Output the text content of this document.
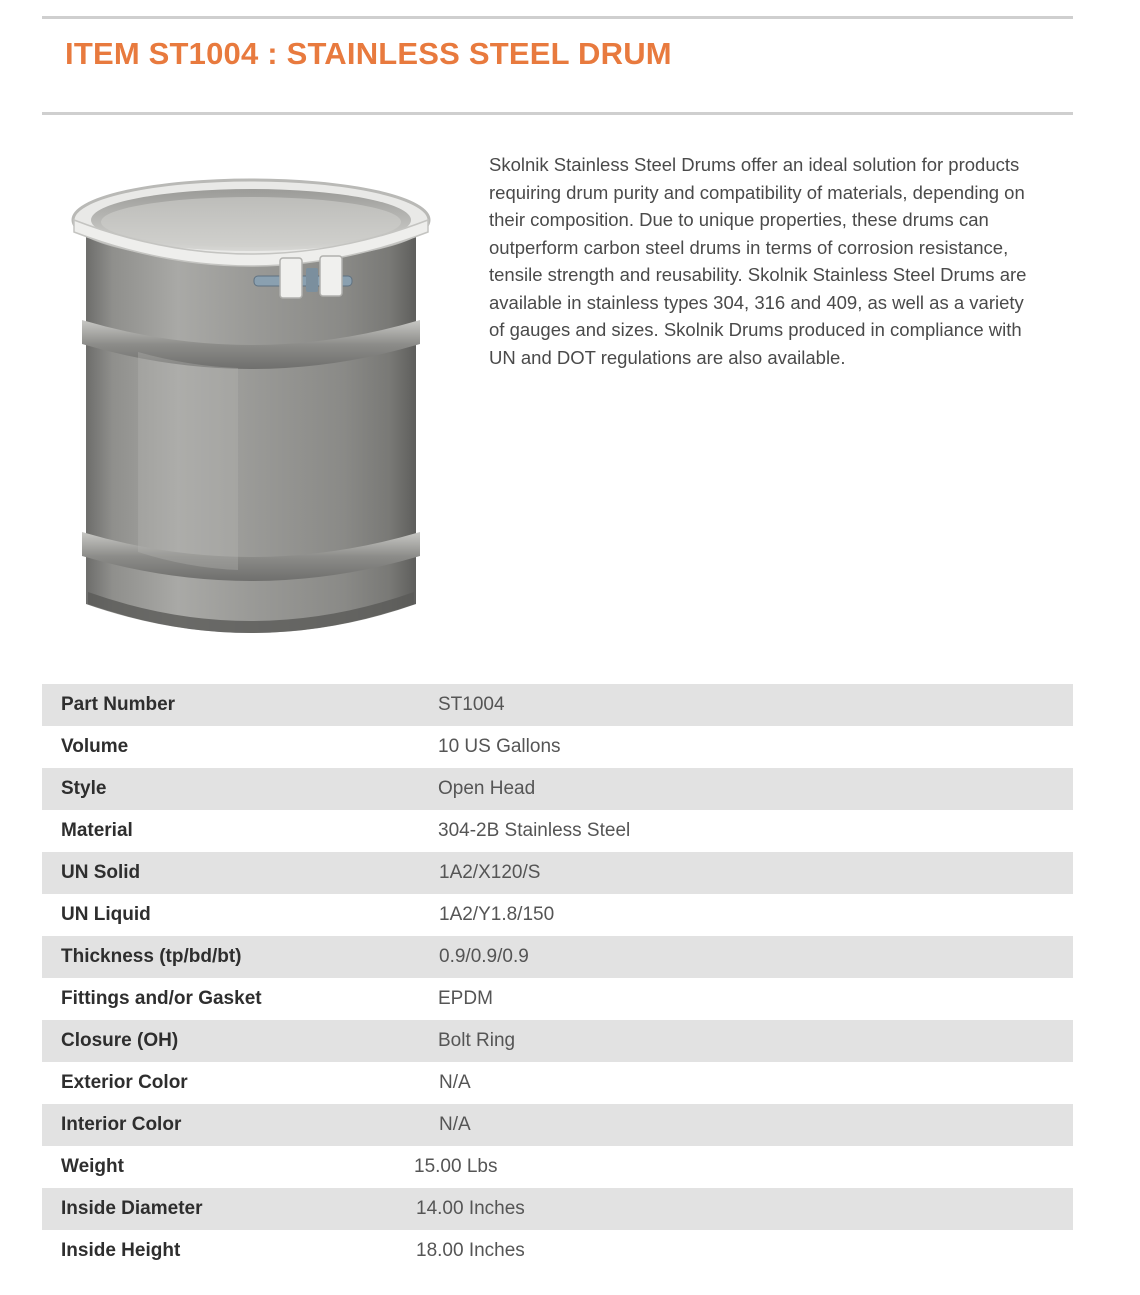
ITEM ST1004 : STAINLESS STEEL DRUM

Skolnik Stainless Steel Drums offer an ideal solution for products requiring drum purity and compatibility of materials, depending on their composition. Due to unique properties, these drums can outperform carbon steel drums in terms of corrosion resistance, tensile strength and reusability. Skolnik Stainless Steel Drums are available in stainless types 304, 316 and 409, as well as a variety of gauges and sizes. Skolnik Drums produced in compliance with UN and DOT regulations are also available.

Part Number	ST1004
Volume	10 US Gallons
Style	Open Head
Material	304-2B Stainless Steel
UN Solid	1A2/X120/S
UN Liquid	1A2/Y1.8/150
Thickness (tp/bd/bt)	0.9/0.9/0.9
Fittings and/or Gasket	EPDM
Closure (OH)	Bolt Ring
Exterior Color	N/A
Interior Color	N/A
Weight	15.00 Lbs
Inside Diameter	14.00 Inches
Inside Height	18.00 Inches
